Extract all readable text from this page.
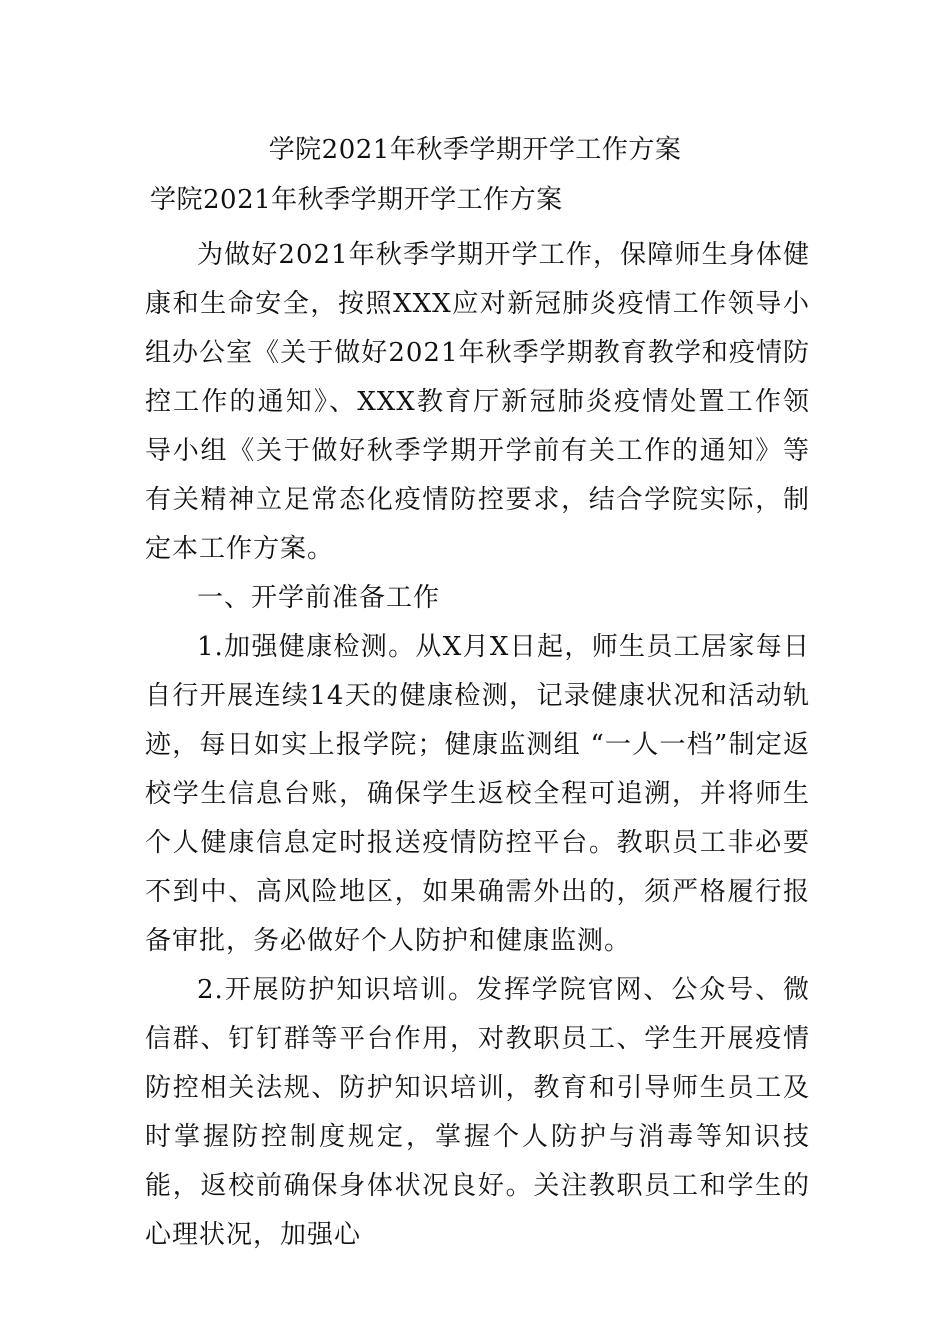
学院2021年秋季学期开学工作方案
学院2021年秋季学期开学工作方案

为做好2021年秋季学期开学工作，保障师生身体健康和生命安全，按照XXX应对新冠肺炎疫情工作领导小组办公室《关于做好2021年秋季学期教育教学和疫情防控工作的通知》、XXX教育厅新冠肺炎疫情处置工作领导小组《关于做好秋季学期开学前有关工作的通知》等有关精神立足常态化疫情防控要求，结合学院实际，制定本工作方案。

一、开学前准备工作

1.加强健康检测。从X月X日起，师生员工居家每日自行开展连续14天的健康检测，记录健康状况和活动轨迹，每日如实上报学院；健康监测组 “一人一档”制定返校学生信息台账，确保学生返校全程可追溯，并将师生个人健康信息定时报送疫情防控平台。教职员工非必要不到中、高风险地区，如果确需外出的，须严格履行报备审批，务必做好个人防护和健康监测。

2.开展防护知识培训。发挥学院官网、公众号、微信群、钉钉群等平台作用，对教职员工、学生开展疫情防控相关法规、防护知识培训，教育和引导师生员工及时掌握防控制度规定，掌握个人防护与消毒等知识技能，返校前确保身体状况良好。关注教职员工和学生的心理状况，加强心
